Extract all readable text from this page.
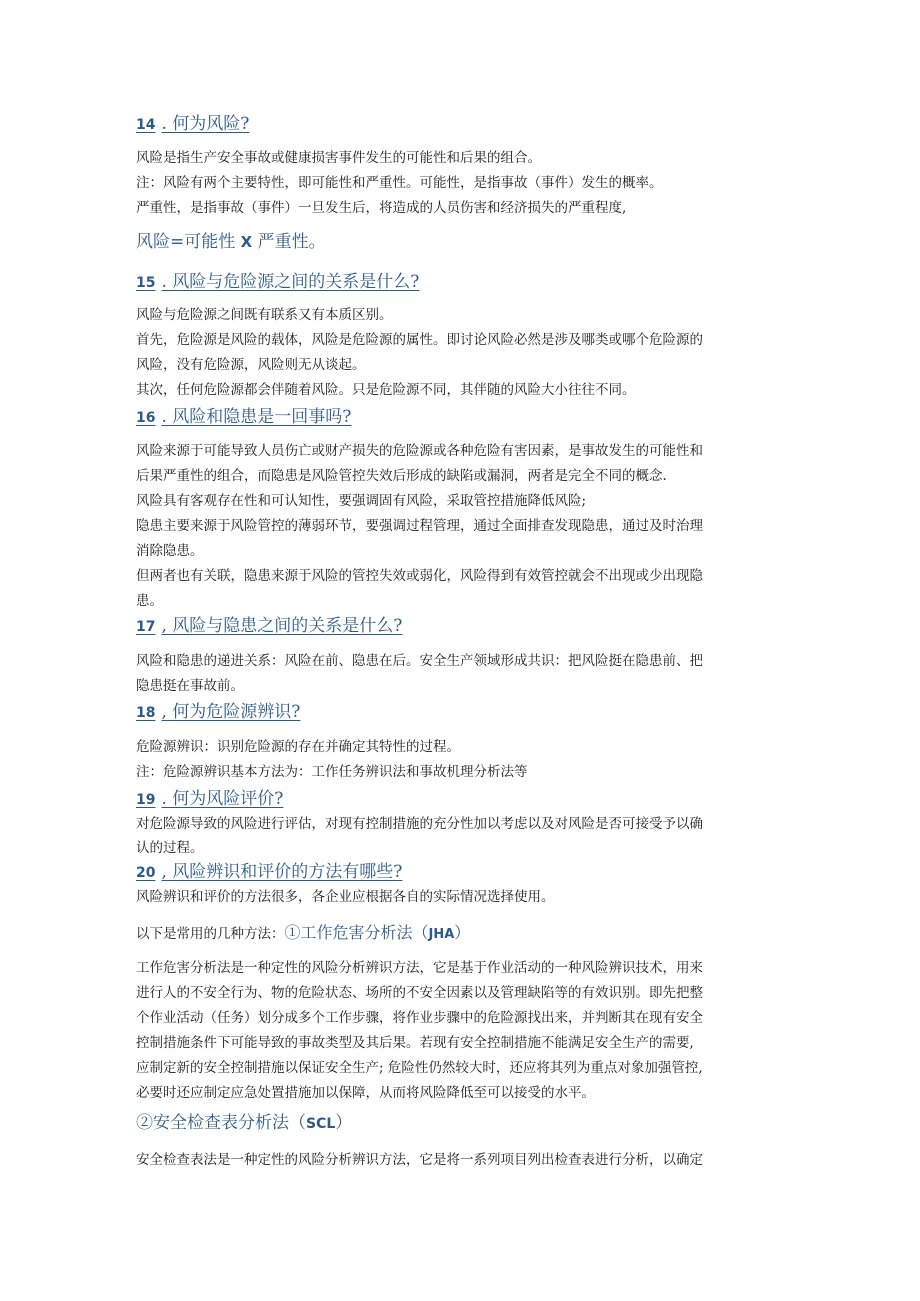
14 . 何为风险?
风险是指生产安全事故或健康损害事件发生的可能性和后果的组合。
注：风险有两个主要特性，即可能性和严重性。可能性，是指事故（事件）发生的概率。
严重性，是指事故（事件）一旦发生后，将造成的人员伤害和经济损失的严重程度,
风险=可能性 X 严重性。
15 . 风险与危险源之间的关系是什么?
风险与危险源之间既有联系又有本质区别。
首先，危险源是风险的载体，风险是危险源的属性。即讨论风险必然是涉及哪类或哪个危险源的
风险，没有危险源，风险则无从谈起。
其次，任何危险源都会伴随着风险。只是危险源不同，其伴随的风险大小往往不同。
16 . 风险和隐患是一回事吗?
风险来源于可能导致人员伤亡或财产损失的危险源或各种危险有害因素，是事故发生的可能性和
后果严重性的组合，而隐患是风险管控失效后形成的缺陷或漏洞，两者是完全不同的概念.
风险具有客观存在性和可认知性，要强调固有风险，采取管控措施降低风险;
隐患主要来源于风险管控的薄弱环节，要强调过程管理，通过全面排查发现隐患，通过及时治理
消除隐患。
但两者也有关联，隐患来源于风险的管控失效或弱化，风险得到有效管控就会不出现或少出现隐
患。
17 , 风险与隐患之间的关系是什么?
风险和隐患的递进关系：风险在前、隐患在后。安全生产领域形成共识：把风险挺在隐患前、把
隐患挺在事故前。
18 , 何为危险源辨识?
危险源辨识：识别危险源的存在并确定其特性的过程。
注：危险源辨识基本方法为：工作任务辨识法和事故机理分析法等
19 . 何为风险评价?
对危险源导致的风险进行评估，对现有控制措施的充分性加以考虑以及对风险是否可接受予以确
认的过程。
20 , 风险辨识和评价的方法有哪些?
风险辨识和评价的方法很多，各企业应根据各自的实际情况选择使用。
以下是常用的几种方法：①工作危害分析法（JHA）
工作危害分析法是一种定性的风险分析辨识方法，它是基于作业活动的一种风险辨识技术，用来
进行人的不安全行为、物的危险状态、场所的不安全因素以及管理缺陷等的有效识别。即先把整
个作业活动（任务）划分成多个工作步骤，将作业步骤中的危险源找出来，并判断其在现有安全
控制措施条件下可能导致的事故类型及其后果。若现有安全控制措施不能满足安全生产的需要,
应制定新的安全控制措施以保证安全生产; 危险性仍然较大时，还应将其列为重点对象加强管控,
必要时还应制定应急处置措施加以保障，从而将风险降低至可以接受的水平。
②安全检查表分析法（SCL）
安全检查表法是一种定性的风险分析辨识方法，它是将一系列项目列出检查表进行分析，以确定
